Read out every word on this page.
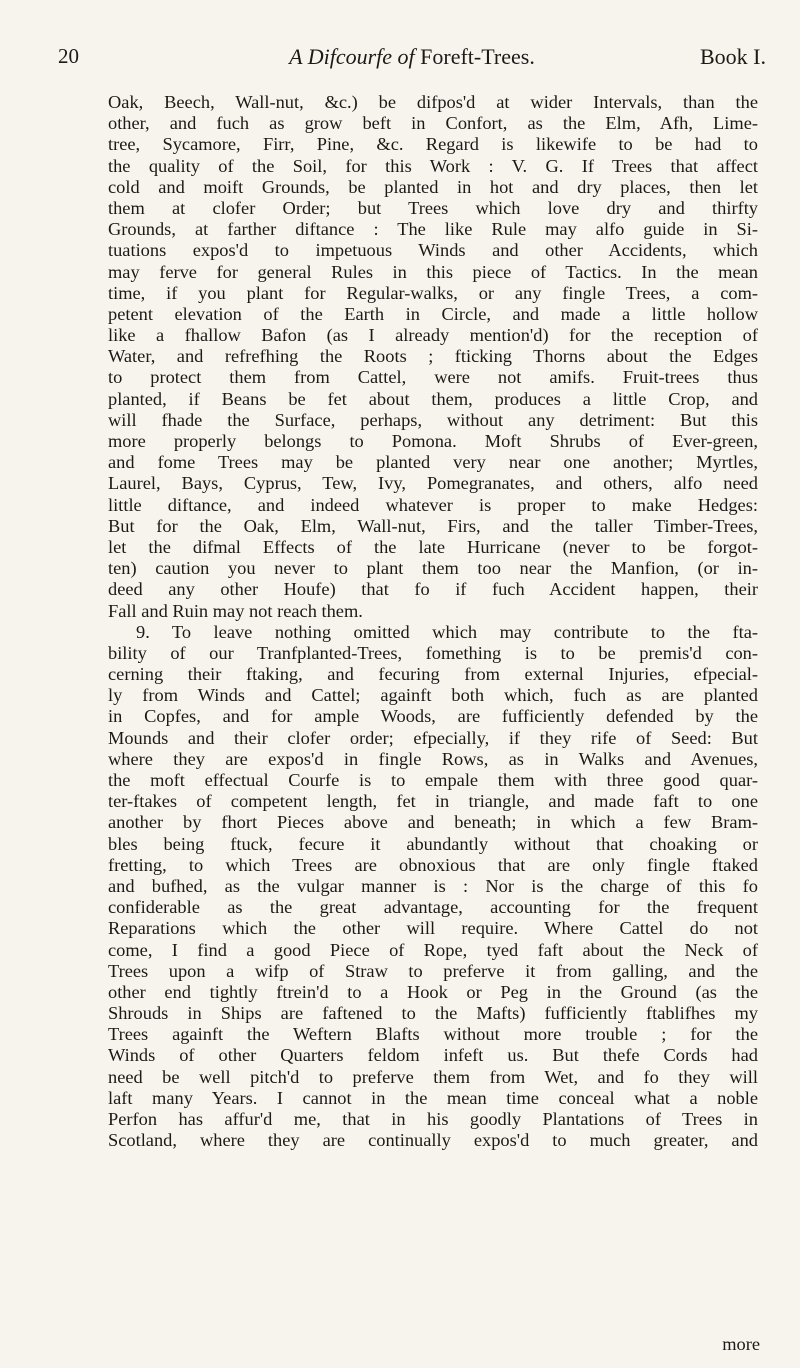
20	A Difcourfe of Foreft-Trees.	Book I.
Oak, Beech, Wall-nut, &c.) be difpos'd at wider Intervals, than the
other, and fuch as grow beft in Confort, as the Elm, Afh, Lime-
tree, Sycamore, Firr, Pine, &c. Regard is likewife to be had to
the quality of the Soil, for this Work : V. G. If Trees that affect
cold and moift Grounds, be planted in hot and dry places, then let
them at clofer Order; but Trees which love dry and thirfty
Grounds, at farther diftance : The like Rule may alfo guide in Si-
tuations expos'd to impetuous Winds and other Accidents, which
may ferve for general Rules in this piece of Tactics. In the mean
time, if you plant for Regular-walks, or any fingle Trees, a com-
petent elevation of the Earth in Circle, and made a little hollow
like a fhallow Bafon (as I already mention'd) for the reception of
Water, and refrefhing the Roots ; fticking Thorns about the Edges
to protect them from Cattel, were not amifs. Fruit-trees thus
planted, if Beans be fet about them, produces a little Crop, and
will fhade the Surface, perhaps, without any detriment: But this
more properly belongs to Pomona. Moft Shrubs of Ever-green,
and fome Trees may be planted very near one another; Myrtles,
Laurel, Bays, Cyprus, Tew, Ivy, Pomegranates, and others, alfo need
little diftance, and indeed whatever is proper to make Hedges:
But for the Oak, Elm, Wall-nut, Firs, and the taller Timber-Trees,
let the difmal Effects of the late Hurricane (never to be forgot-
ten) caution you never to plant them too near the Manfion, (or in-
deed any other Houfe) that fo if fuch Accident happen, their
Fall and Ruin may not reach them.
9. To leave nothing omitted which may contribute to the fta-
bility of our Tranfplanted-Trees, fomething is to be premis'd con-
cerning their ftaking, and fecuring from external Injuries, efpecial-
ly from Winds and Cattel; againft both which, fuch as are planted
in Copfes, and for ample Woods, are fufficiently defended by the
Mounds and their clofer order; efpecially, if they rife of Seed: But
where they are expos'd in fingle Rows, as in Walks and Avenues,
the moft effectual Courfe is to empale them with three good quar-
ter-ftakes of competent length, fet in triangle, and made faft to one
another by fhort Pieces above and beneath; in which a few Bram-
bles being ftuck, fecure it abundantly without that choaking or
fretting, to which Trees are obnoxious that are only fingle ftaked
and bufhed, as the vulgar manner is : Nor is the charge of this fo
confiderable as the great advantage, accounting for the frequent
Reparations which the other will require. Where Cattel do not
come, I find a good Piece of Rope, tyed faft about the Neck of
Trees upon a wifp of Straw to preferve it from galling, and the
other end tightly ftrein'd to a Hook or Peg in the Ground (as the
Shrouds in Ships are faftened to the Mafts) fufficiently ftablifhes my
Trees againft the Weftern Blafts without more trouble ; for the
Winds of other Quarters feldom infeft us. But thefe Cords had
need be well pitch'd to preferve them from Wet, and fo they will
laft many Years. I cannot in the mean time conceal what a noble
Perfon has affur'd me, that in his goodly Plantations of Trees in
Scotland, where they are continually expos'd to much greater, and
more
